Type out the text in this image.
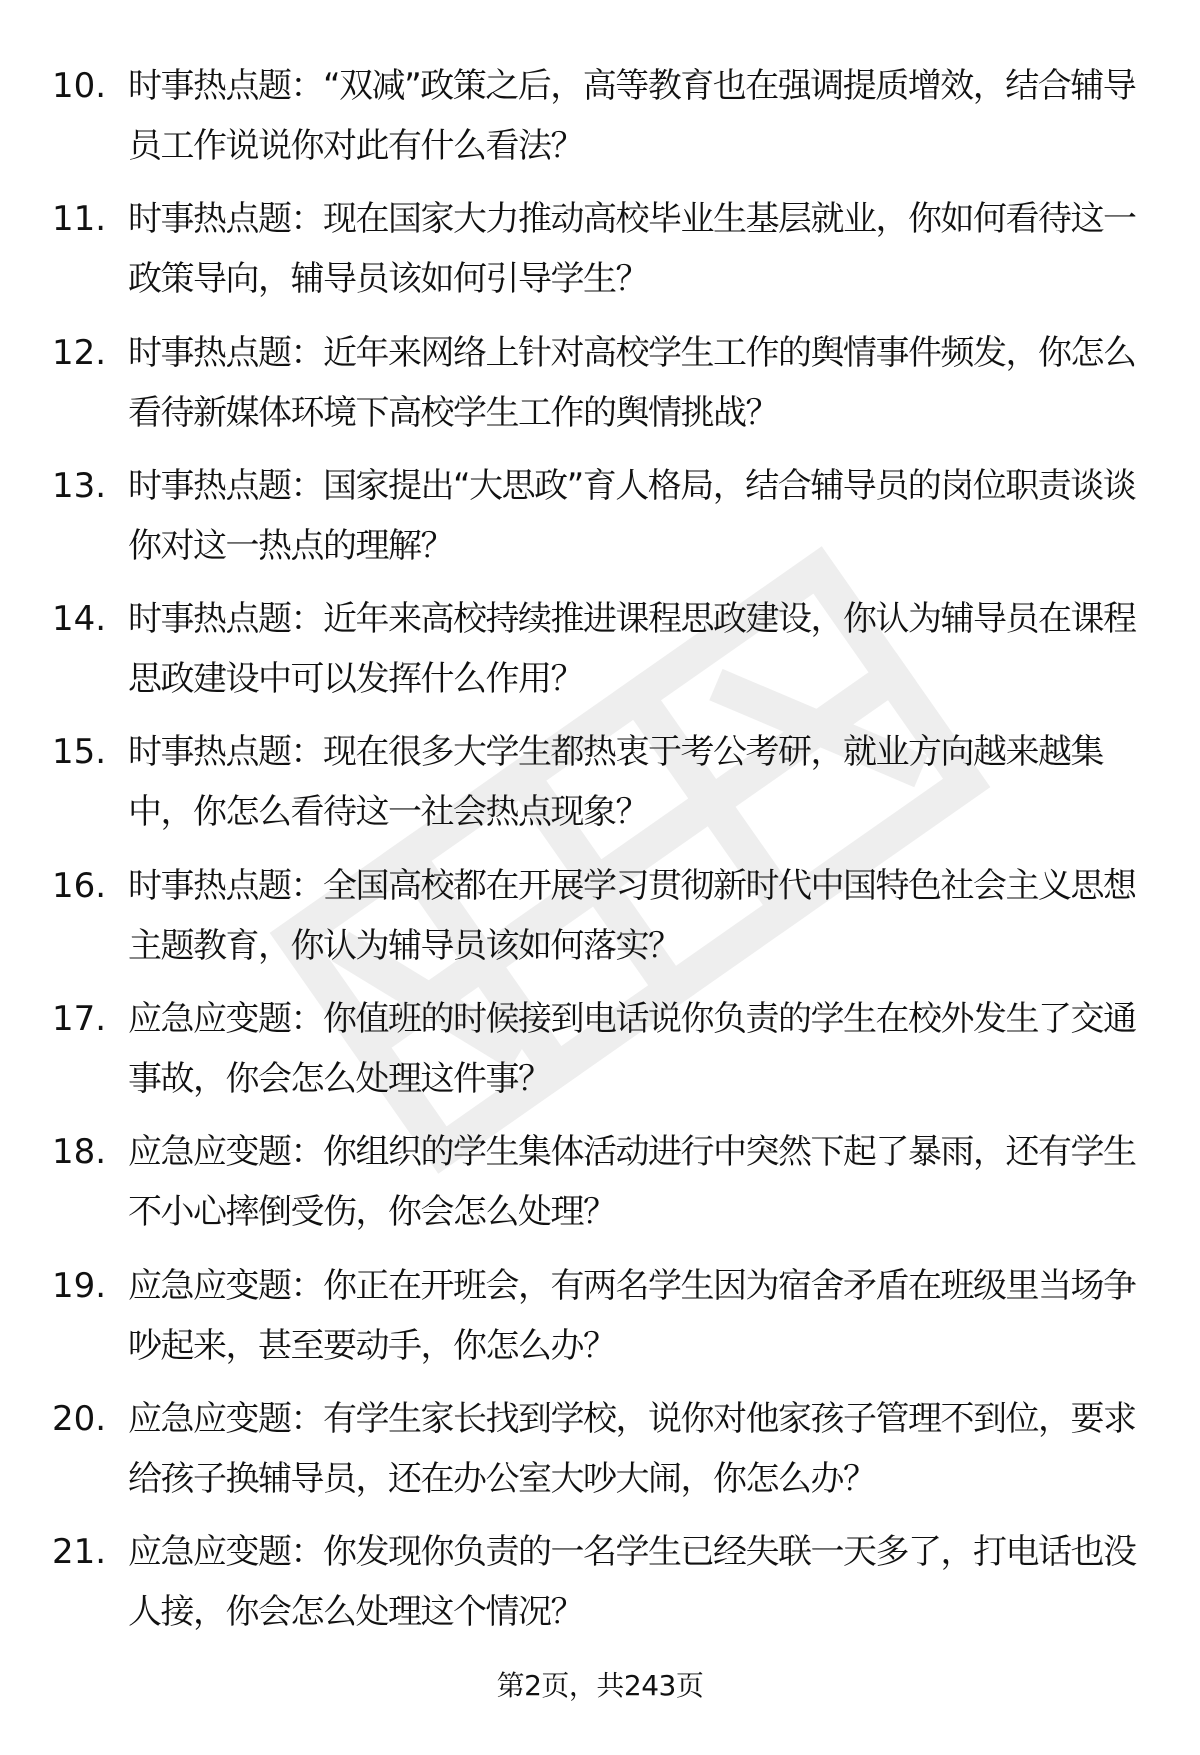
10. 时事热点题：“双减”政策之后，高等教育也在强调提质增效，结合辅导员工作说说你对此有什么看法？
11. 时事热点题：现在国家大力推动高校毕业生基层就业，你如何看待这一政策导向，辅导员该如何引导学生？
12. 时事热点题：近年来网络上针对高校学生工作的舆情事件频发，你怎么看待新媒体环境下高校学生工作的舆情挑战？
13. 时事热点题：国家提出“大思政”育人格局，结合辅导员的岗位职责谈谈你对这一热点的理解？
14. 时事热点题：近年来高校持续推进课程思政建设，你认为辅导员在课程思政建设中可以发挥什么作用？
15. 时事热点题：现在很多大学生都热衷于考公考研，就业方向越来越集中，你怎么看待这一社会热点现象？
16. 时事热点题：全国高校都在开展学习贯彻新时代中国特色社会主义思想主题教育，你认为辅导员该如何落实？
17. 应急应变题：你值班的时候接到电话说你负责的学生在校外发生了交通事故，你会怎么处理这件事？
18. 应急应变题：你组织的学生集体活动进行中突然下起了暴雨，还有学生不小心摔倒受伤，你会怎么处理？
19. 应急应变题：你正在开班会，有两名学生因为宿舍矛盾在班级里当场争吵起来，甚至要动手，你怎么办？
20. 应急应变题：有学生家长找到学校，说你对他家孩子管理不到位，要求给孩子换辅导员，还在办公室大吵大闹，你怎么办？
21. 应急应变题：你发现你负责的一名学生已经失联一天多了，打电话也没人接，你会怎么处理这个情况？
第2页，共243页
